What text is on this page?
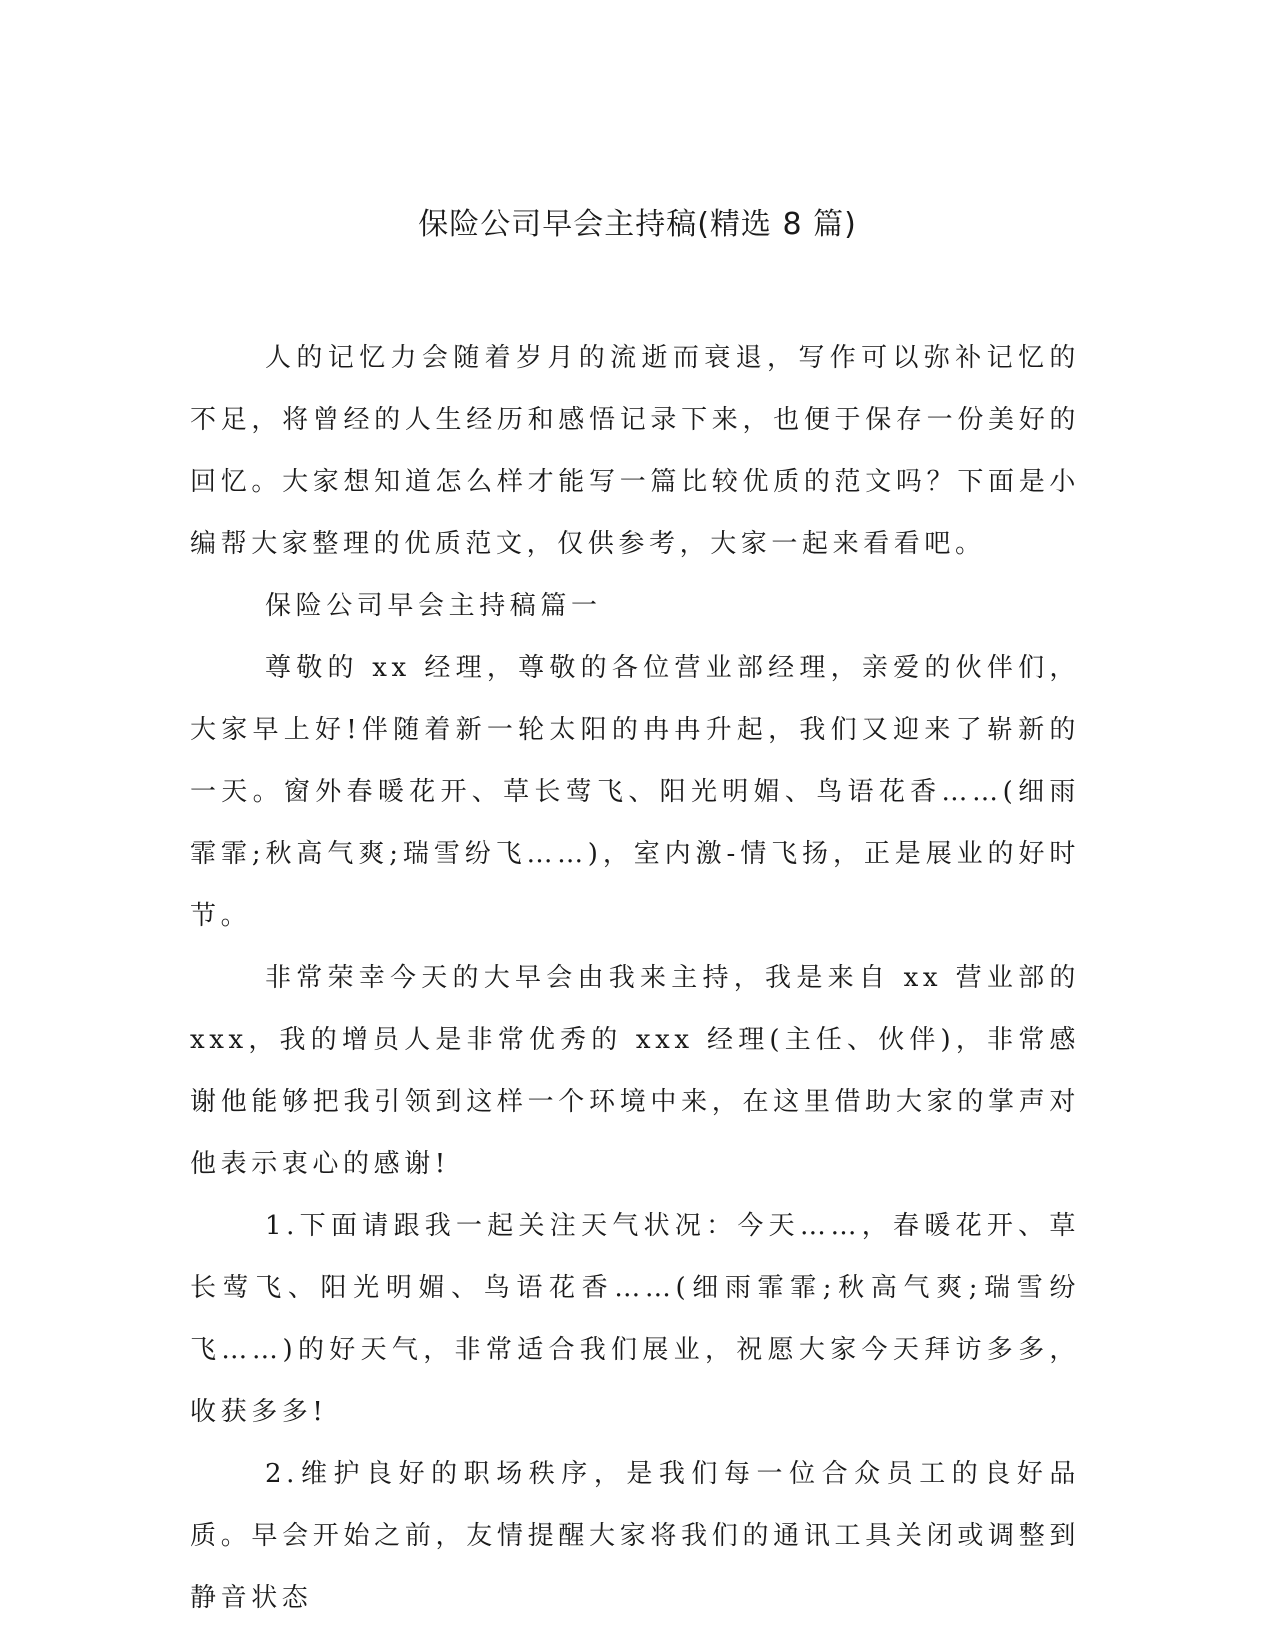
保险公司早会主持稿(精选 8 篇)

人的记忆力会随着岁月的流逝而衰退，写作可以弥补记忆的不足，将曾经的人生经历和感悟记录下来，也便于保存一份美好的回忆。大家想知道怎么样才能写一篇比较优质的范文吗？下面是小编帮大家整理的优质范文，仅供参考，大家一起来看看吧。

保险公司早会主持稿篇一

尊敬的 xx 经理，尊敬的各位营业部经理，亲爱的伙伴们，大家早上好!伴随着新一轮太阳的冉冉升起，我们又迎来了崭新的一天。窗外春暖花开、草长莺飞、阳光明媚、鸟语花香……(细雨霏霏;秋高气爽;瑞雪纷飞……)，室内激-情飞扬，正是展业的好时节。

非常荣幸今天的大早会由我来主持，我是来自 xx 营业部的 xxx，我的增员人是非常优秀的 xxx 经理(主任、伙伴)，非常感谢他能够把我引领到这样一个环境中来，在这里借助大家的掌声对他表示衷心的感谢!

1.下面请跟我一起关注天气状况：今天……，春暖花开、草长莺飞、阳光明媚、鸟语花香……(细雨霏霏;秋高气爽;瑞雪纷飞……)的好天气，非常适合我们展业，祝愿大家今天拜访多多，收获多多!

2.维护良好的职场秩序，是我们每一位合众员工的良好品质。早会开始之前，友情提醒大家将我们的通讯工具关闭或调整到静音状态
